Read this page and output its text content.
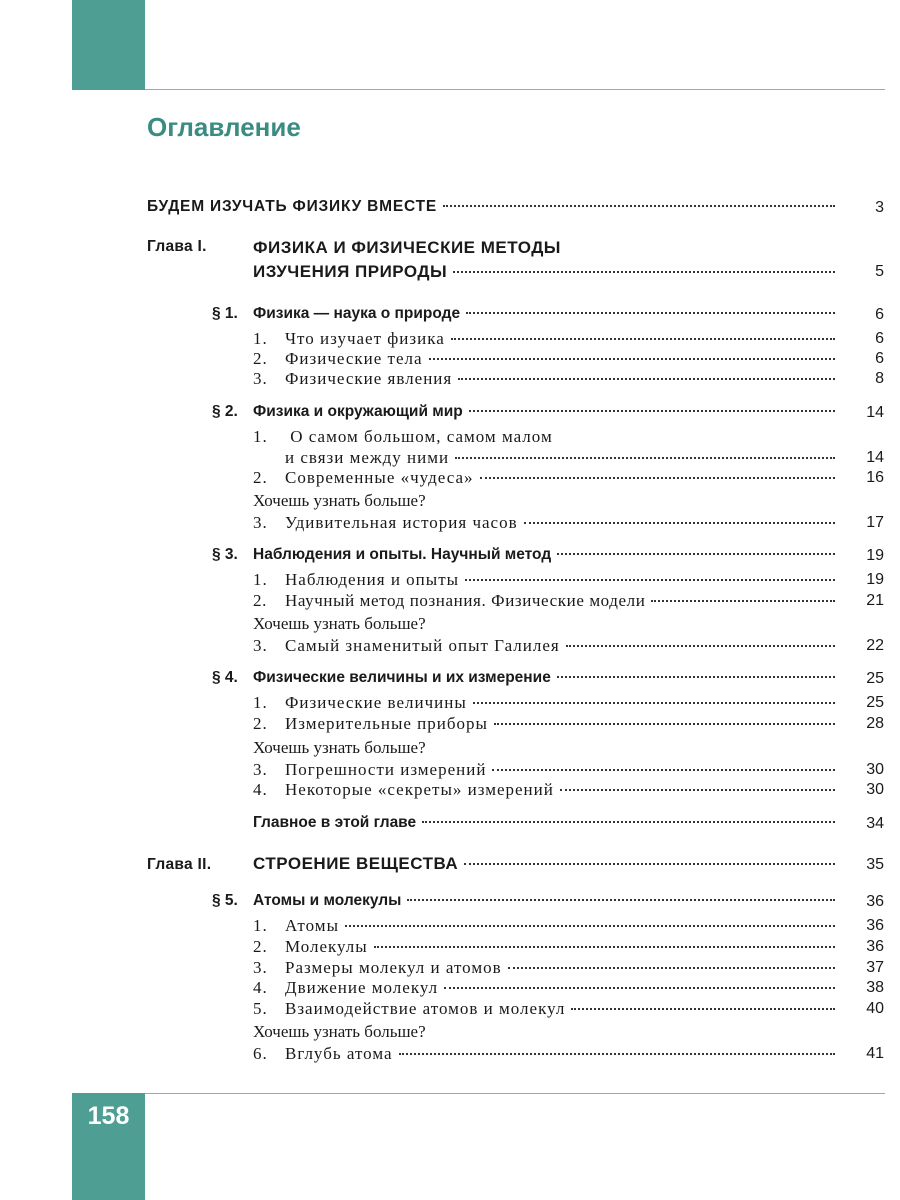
158
Оглавление
БУДЕМ ИЗУЧАТЬ ФИЗИКУ ВМЕСТЕ	3
Глава I.	ФИЗИКА И ФИЗИЧЕСКИЕ МЕТОДЫ
ИЗУЧЕНИЯ ПРИРОДЫ	5
§ 1. Физика — наука о природе	6
1.	Что изучает физика	6
2.	Физические тела	6
3.	Физические явления	8
§ 2. Физика и окружающий мир	14
1. О самом большом, самом малом
и связи между ними	14
2.	Современные «чудеса»	16
Хочешь узнать больше?
3.	Удивительная история часов	17
§ 3. Наблюдения и опыты. Научный метод	19
1.	Наблюдения и опыты	19
2.	Научный метод познания. Физические модели	21
Хочешь узнать больше?
3.	Самый знаменитый опыт Галилея	22
§ 4. Физические величины и их измерение	25
1.	Физические величины	25
2.	Измерительные приборы	28
Хочешь узнать больше?
3.	Погрешности измерений	30
4.	Некоторые «секреты» измерений	30
Главное в этой главе	34
Глава II. СТРОЕНИЕ ВЕЩЕСТВА	35
§ 5. Атомы и молекулы	36
1.	Атомы	36
2.	Молекулы	36
3.	Размеры молекул и атомов	37
4.	Движение молекул	38
5.	Взаимодействие атомов и молекул	40
Хочешь узнать больше?
6.	Вглубь атома	41
